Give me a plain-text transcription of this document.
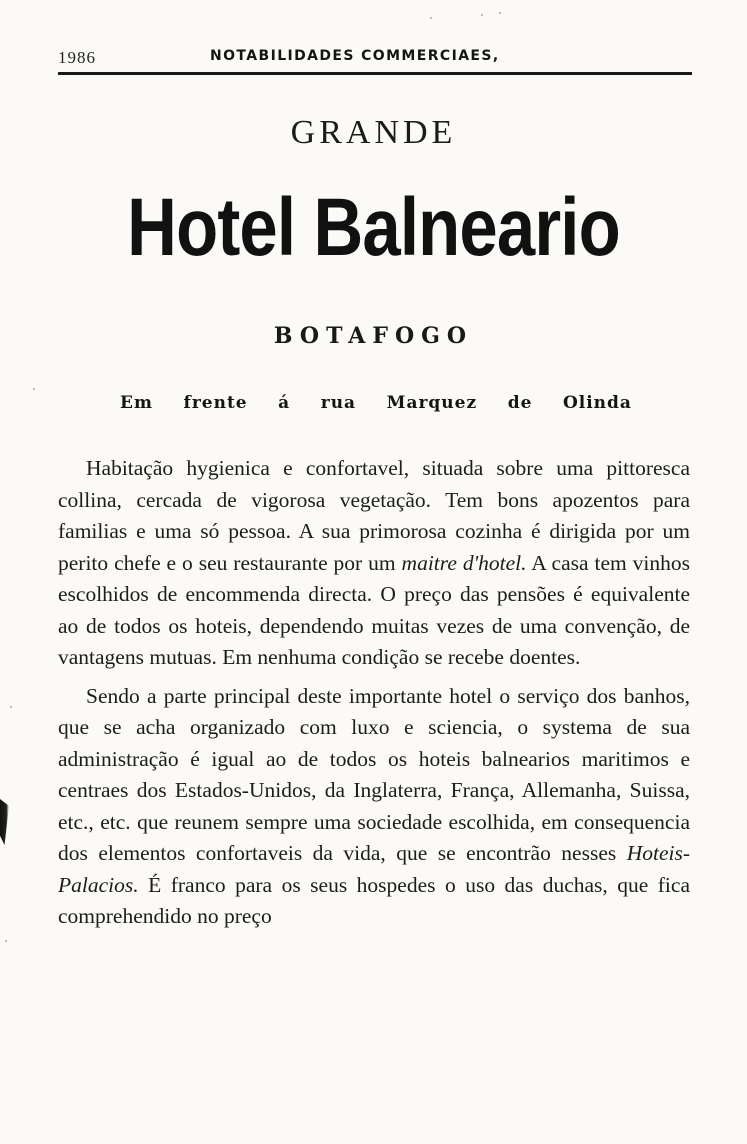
1986	NOTABILIDADES COMMERCIAES,
GRANDE
Hotel Balneario
BOTAFOGO
Em frente á rua Marquez de Olinda

Habitação hygienica e confortavel, situada sobre uma pittoresca collina, cercada de vigorosa vegetação. Tem bons apozentos para familias e uma só pessoa. A sua primorosa cozinha é dirigida por um perito chefe e o seu restaurante por um maitre d'hotel. A casa tem vinhos escolhidos de encommenda directa. O preço das pensões é equivalente ao de todos os hoteis, dependendo muitas vezes de uma convenção, de vantagens mutuas. Em nenhuma condição se recebe doentes.

Sendo a parte principal deste importante hotel o serviço dos banhos, que se acha organizado com luxo e sciencia, o systema de sua administração é igual ao de todos os hoteis balnearios maritimos e centraes dos Estados-Unidos, da Inglaterra, França, Allemanha, Suissa, etc., etc. que reunem sempre uma sociedade escolhida, em consequencia dos elementos confortaveis da vida, que se encontrão nesses Hoteis-Palacios. É franco para os seus hospedes o uso das duchas, que fica comprehendido no preço
